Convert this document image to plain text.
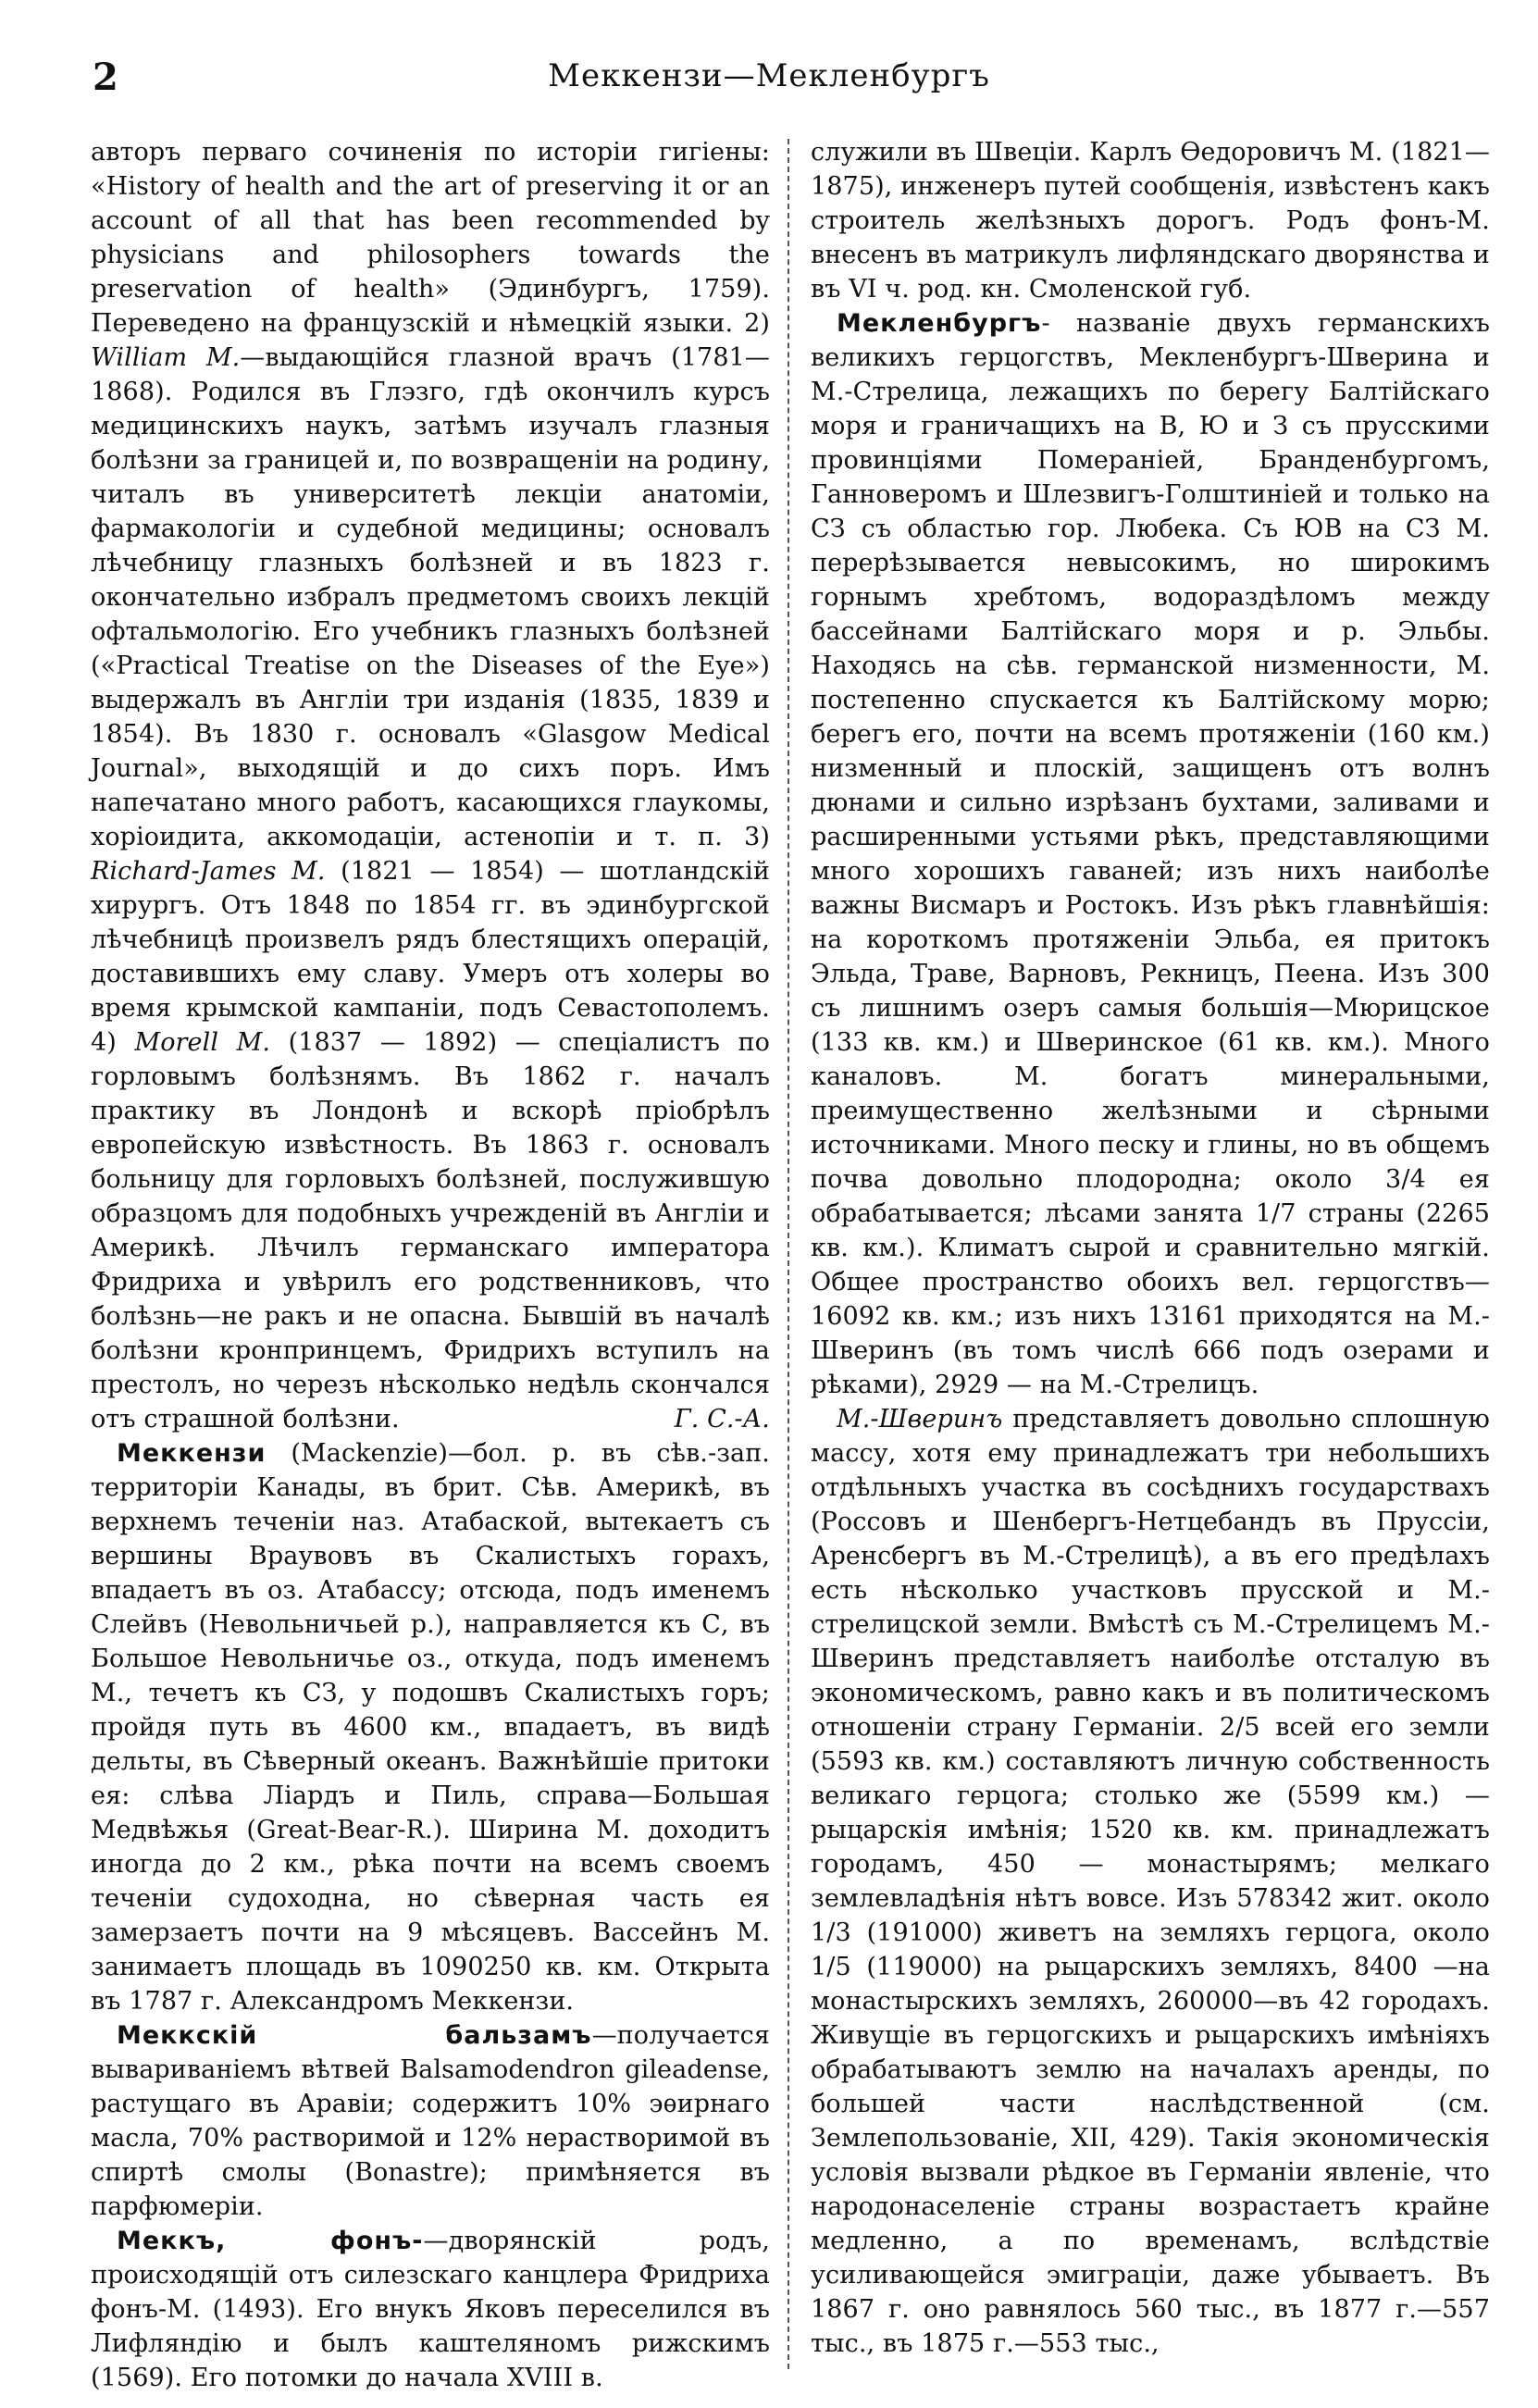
2	Меккензи—Мекленбургъ

авторъ перваго сочиненія по исторіи гигіены: «History of health and the art of preserving it or an account of all that has been recommended by physicians and philosophers towards the preservation of health» (Эдинбургъ, 1759). Переведено на французскій и нѣмецкій языки. 2) William M.—выдающійся глазной врачъ (1781—1868). Родился въ Глэзго, гдѣ окончилъ курсъ медицинскихъ наукъ, затѣмъ изучалъ глазныя болѣзни за границей и, по возвращеніи на родину, читалъ въ университетѣ лекціи анатоміи, фармакологіи и судебной медицины; основалъ лѣчебницу глазныхъ болѣзней и въ 1823 г. окончательно избралъ предметомъ своихъ лекцій офтальмологію. Его учебникъ глазныхъ болѣзней («Practical Treatise on the Diseases of the Eye») выдержалъ въ Англіи три изданія (1835, 1839 и 1854). Въ 1830 г. основалъ «Glasgow Medical Journal», выходящій и до сихъ поръ. Имъ напечатано много работъ, касающихся глаукомы, хоріоидита, аккомодаціи, астенопіи и т. п. 3) Richard-James M. (1821 — 1854) — шотландскій хирургъ. Отъ 1848 по 1854 гг. въ эдинбургской лѣчебницѣ произвелъ рядъ блестящихъ операцій, доставившихъ ему славу. Умеръ отъ холеры во время крымской кампаніи, подъ Севастополемъ. 4) Morell M. (1837 — 1892) — спеціалистъ по горловымъ болѣзнямъ. Въ 1862 г. началъ практику въ Лондонѣ и вскорѣ пріобрѣлъ европейскую извѣстность. Въ 1863 г. основалъ больницу для горловыхъ болѣзней, послужившую образцомъ для подобныхъ учрежденій въ Англіи и Америкѣ. Лѣчилъ германскаго императора Фридриха и увѣрилъ его родственниковъ, что болѣзнь—не ракъ и не опасна. Бывшій въ началѣ болѣзни кронпринцемъ, Фридрихъ вступилъ на престолъ, но черезъ нѣсколько недѣль скончался отъ страшной болѣзни.	Г. С.-А.

Меккензи (Mackenzie)—бол. р. въ сѣв.-зап. территоріи Канады, въ брит. Сѣв. Америкѣ, въ верхнемъ теченіи наз. Атабаской, вытекаетъ съ вершины Враувовъ въ Скалистыхъ горахъ, впадаетъ въ оз. Атабассу; отсюда, подъ именемъ Слейвъ (Невольничьей р.), направляется къ С, въ Большое Невольничье оз., откуда, подъ именемъ М., течетъ къ СЗ, у подошвъ Скалистыхъ горъ; пройдя путь въ 4600 км., впадаетъ, въ видѣ дельты, въ Сѣверный океанъ. Важнѣйшіе притоки ея: слѣва Ліардъ и Пиль, справа—Большая Медвѣжья (Great-Bear-R.). Ширина М. доходитъ иногда до 2 км., рѣка почти на всемъ своемъ теченіи судоходна, но сѣверная часть ея замерзаетъ почти на 9 мѣсяцевъ. Вассейнъ М. занимаетъ площадь въ 1090250 кв. км. Открыта въ 1787 г. Александромъ Меккензи.

Меккскій бальзамъ—получается вывариваніемъ вѣтвей Balsamodendron gileadense, растущаго въ Аравіи; содержитъ 10% эѳирнаго масла, 70% растворимой и 12% нерастворимой въ спиртѣ смолы (Bonastre); примѣняется въ парфюмеріи.

Меккъ, фонъ-—дворянскій родъ, происходящій отъ силезскаго канцлера Фридриха фонъ-М. (1493). Его внукъ Яковъ переселился въ Лифляндію и былъ каштеляномъ рижскимъ (1569). Его потомки до начала XVIII в.

служили въ Швеціи. Карлъ Ѳедоровичъ М. (1821—1875), инженеръ путей сообщенія, извѣстенъ какъ строитель желѣзныхъ дорогъ. Родъ фонъ-М. внесенъ въ матрикулъ лифляндскаго дворянства и въ VI ч. род. кн. Смоленской губ.

Мекленбургъ- названіе двухъ германскихъ великихъ герцогствъ, Мекленбургъ-Шверина и М.-Стрелица, лежащихъ по берегу Балтійскаго моря и граничащихъ на В, Ю и З съ прусскими провинціями Помераніей, Бранденбургомъ, Ганноверомъ и Шлезвигъ-Голштиніей и только на СЗ съ областью гор. Любека. Съ ЮВ на СЗ М. перерѣзывается невысокимъ, но широкимъ горнымъ хребтомъ, водораздѣломъ между бассейнами Балтійскаго моря и р. Эльбы. Находясь на сѣв. германской низменности, М. постепенно спускается къ Балтійскому морю; берегъ его, почти на всемъ протяженіи (160 км.) низменный и плоскій, защищенъ отъ волнъ дюнами и сильно изрѣзанъ бухтами, заливами и расширенными устьями рѣкъ, представляющими много хорошихъ гаваней; изъ нихъ наиболѣе важны Висмаръ и Ростокъ. Изъ рѣкъ главнѣйшія: на короткомъ протяженіи Эльба, ея притокъ Эльда, Траве, Варновъ, Рекницъ, Пеена. Изъ 300 съ лишнимъ озеръ самыя большія—Мюрицское (133 кв. км.) и Шверинское (61 кв. км.). Много каналовъ. М. богатъ минеральными, преимущественно желѣзными и сѣрными источниками. Много песку и глины, но въ общемъ почва довольно плодородна; около 3/4 ея обрабатывается; лѣсами занята 1/7 страны (2265 кв. км.). Климатъ сырой и сравнительно мягкій. Общее пространство обоихъ вел. герцогствъ—16092 кв. км.; изъ нихъ 13161 приходятся на М.-Шверинъ (въ томъ числѣ 666 подъ озерами и рѣками), 2929 — на М.-Стрелицъ.

М.-Шверинъ представляетъ довольно сплошную массу, хотя ему принадлежатъ три небольшихъ отдѣльныхъ участка въ сосѣднихъ государствахъ (Россовъ и Шенбергъ-Нетцебандъ въ Пруссіи, Аренсбергъ въ М.-Стрелицѣ), а въ его предѣлахъ есть нѣсколько участковъ прусской и М.-стрелицской земли. Вмѣстѣ съ М.-Стрелицемъ М.-Шверинъ представляетъ наиболѣе отсталую въ экономическомъ, равно какъ и въ политическомъ отношеніи страну Германіи. 2/5 всей его земли (5593 кв. км.) составляютъ личную собственность великаго герцога; столько же (5599 км.) —рыцарскія имѣнія; 1520 кв. км. принадлежатъ городамъ, 450 — монастырямъ; мелкаго землевладѣнія нѣтъ вовсе. Изъ 578342 жит. около 1/3 (191000) живетъ на земляхъ герцога, около 1/5 (119000) на рыцарскихъ земляхъ, 8400 —на монастырскихъ земляхъ, 260000—въ 42 городахъ. Живущіе въ герцогскихъ и рыцарскихъ имѣніяхъ обрабатываютъ землю на началахъ аренды, по большей части наслѣдственной (см. Землепользованіе, XII, 429). Такія экономическія условія вызвали рѣдкое въ Германіи явленіе, что народонаселеніе страны возрастаетъ крайне медленно, а по временамъ, вслѣдствіе усиливающейся эмиграціи, даже убываетъ. Въ 1867 г. оно равнялось 560 тыс., въ 1877 г.—557 тыс., въ 1875 г.—553 тыс.,
